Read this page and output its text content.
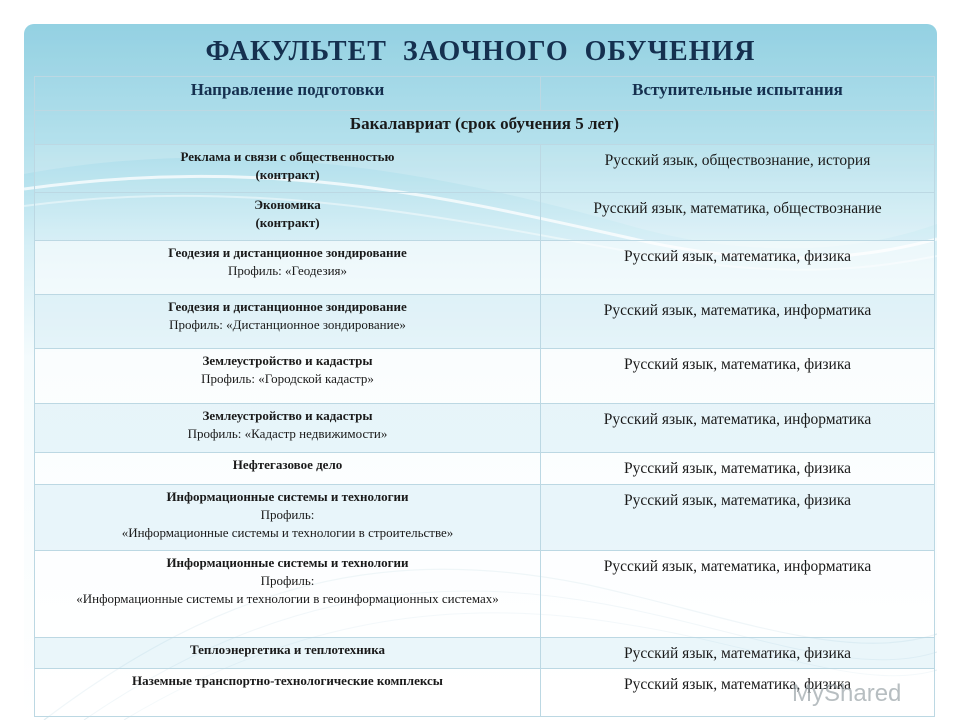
ФАКУЛЬТЕТ ЗАОЧНОГО ОБУЧЕНИЯ
Направление подготовки	Вступительные испытания
Бакалавриат (срок обучения 5 лет)	

Реклама и связи с общественностью
(контракт)	Русский язык, обществознание, история

Экономика
(контракт)	Русский язык, математика, обществознание

Геодезия и дистанционное зондирование
Профиль: «Геодезия»	Русский язык, математика, физика

Геодезия и дистанционное зондирование
Профиль: «Дистанционное зондирование»	Русский язык, математика, информатика

Землеустройство и кадастры
Профиль: «Городской кадастр»	Русский язык, математика, физика

Землеустройство и кадастры
Профиль: «Кадастр недвижимости»	Русский язык, математика, информатика

Нефтегазовое дело	Русский язык, математика, физика

Информационные системы и технологии
Профиль:
«Информационные системы и технологии в строительстве»	Русский язык, математика, физика

Информационные системы и технологии
Профиль:
«Информационные системы и технологии в геоинформационных системах»	Русский язык, математика, информатика

Теплоэнергетика и теплотехника	Русский язык, математика, физика

Наземные транспортно-технологические комплексы	Русский язык, математика, физика
MyShared
